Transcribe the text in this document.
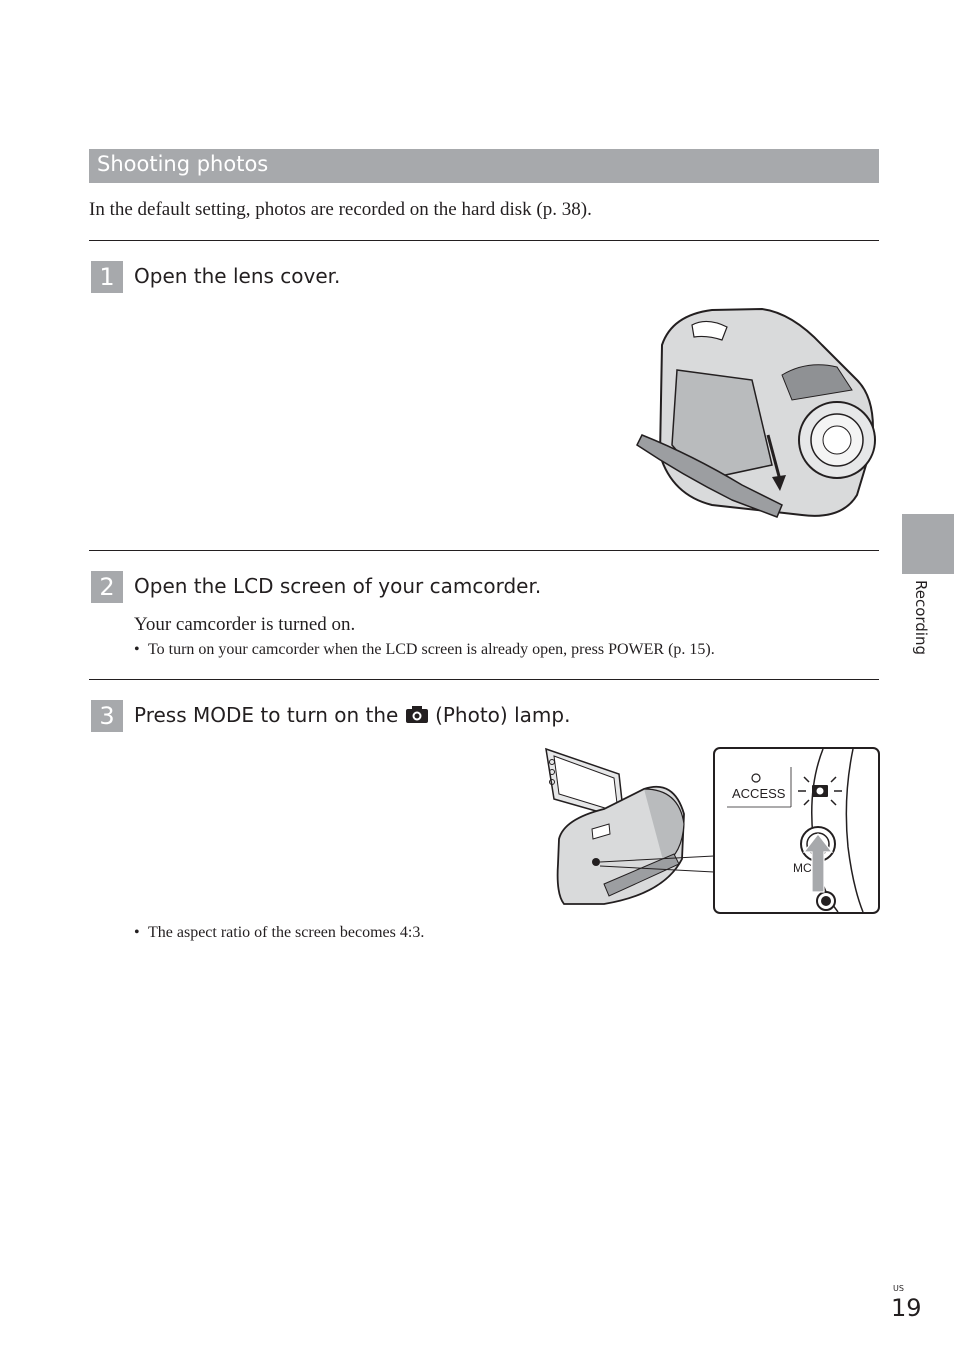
Shooting photos
In the default setting, photos are recorded on the hard disk (p. 38).
1 Open the lens cover.
2 Open the LCD screen of your camcorder.
Your camcorder is turned on.
• To turn on your camcorder when the LCD screen is already open, press POWER (p. 15).
3 Press MODE to turn on the (Photo) lamp.
ACCESS
MC
• The aspect ratio of the screen becomes 4:3.
Recording
US
19
